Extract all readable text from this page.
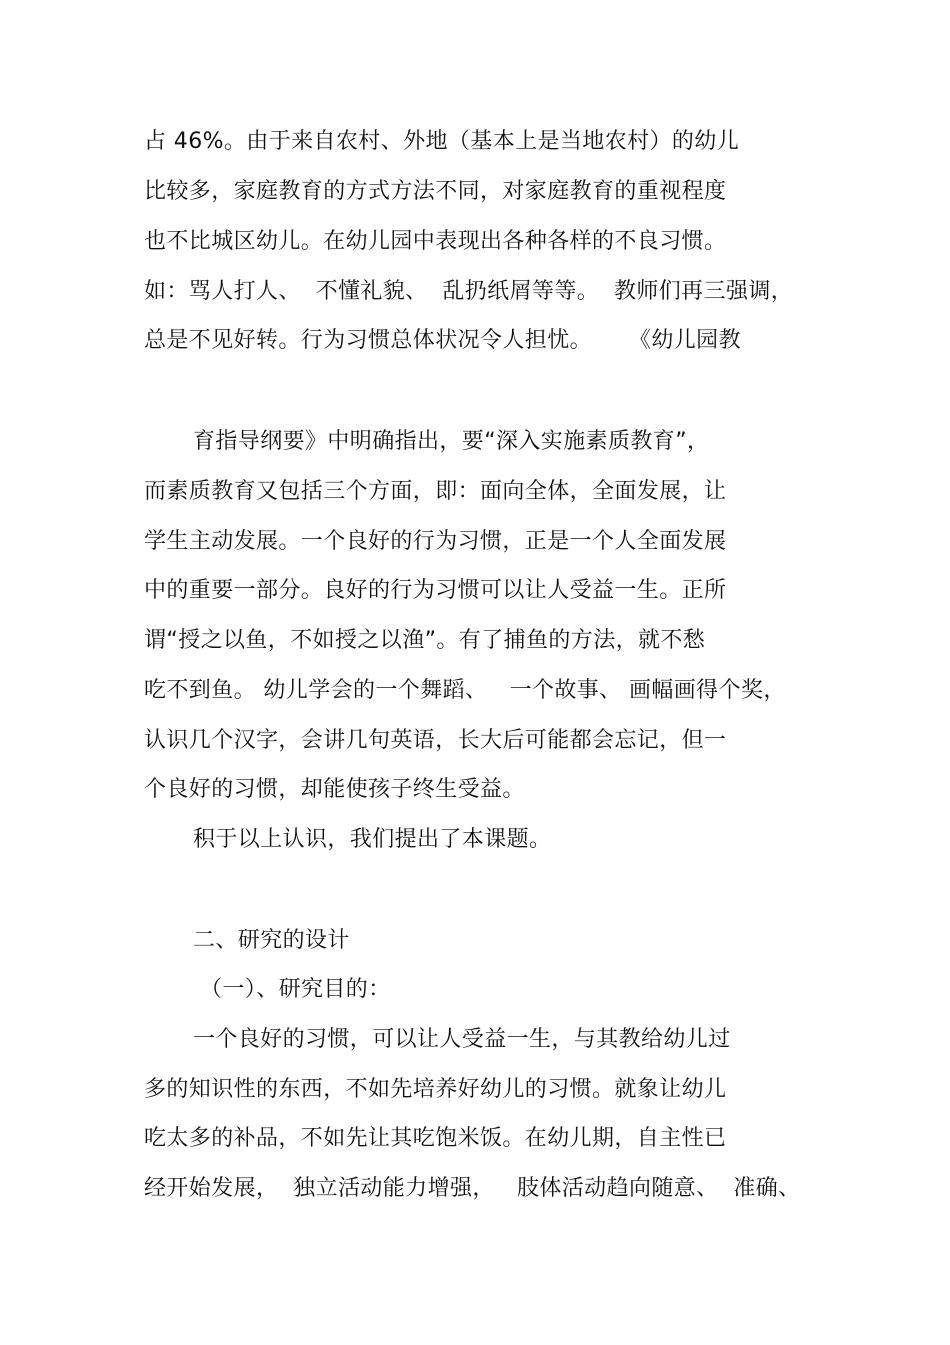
占 46%。由于来自农村、外地（基本上是当地农村）的幼儿
比较多，家庭教育的方式方法不同，对家庭教育的重视程度
也不比城区幼儿。在幼儿园中表现出各种各样的不良习惯。
如：骂人打人、  不懂礼貌、  乱扔纸屑等等。  教师们再三强调，
总是不见好转。行为习惯总体状况令人担忧。     《幼儿园教
育指导纲要》中明确指出，要“深入实施素质教育”，
而素质教育又包括三个方面，即：面向全体，全面发展，让
学生主动发展。一个良好的行为习惯，正是一个人全面发展
中的重要一部分。良好的行为习惯可以让人受益一生。正所
谓“授之以鱼，不如授之以渔”。有了捕鱼的方法，就不愁
吃不到鱼。 幼儿学会的一个舞蹈、   一个故事、 画幅画得个奖，
认识几个汉字，会讲几句英语，长大后可能都会忘记，但一
个良好的习惯，却能使孩子终生受益。
积于以上认识，我们提出了本课题。
二、研究的设计
（一）、研究目的：
一个良好的习惯，可以让人受益一生，与其教给幼儿过
多的知识性的东西，不如先培养好幼儿的习惯。就象让幼儿
吃太多的补品，不如先让其吃饱米饭。在幼儿期，自主性已
经开始发展，  独立活动能力增强，   肢体活动趋向随意、  准确、
